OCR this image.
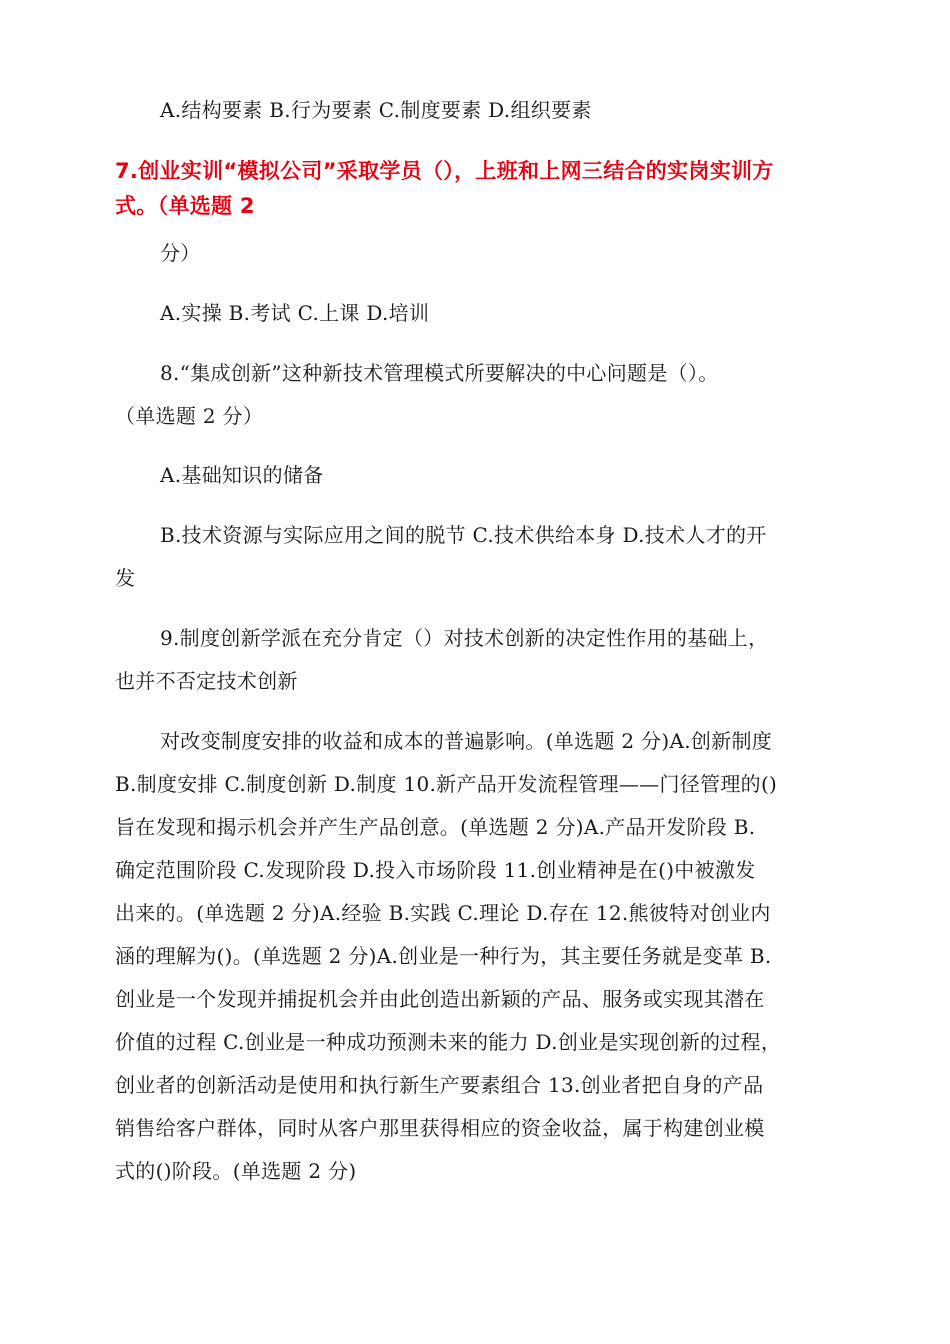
A.结构要素 B.行为要素 C.制度要素 D.组织要素
7.创业实训“模拟公司”采取学员（），上班和上网三结合的实岗实训方
式。（单选题 2
分）
A.实操 B.考试 C.上课 D.培训
8.“集成创新”这种新技术管理模式所要解决的中心问题是（）。
（单选题 2 分）
A.基础知识的储备
B.技术资源与实际应用之间的脱节 C.技术供给本身 D.技术人才的开
发
9.制度创新学派在充分肯定（）对技术创新的决定性作用的基础上，
也并不否定技术创新
对改变制度安排的收益和成本的普遍影响。(单选题 2 分)A.创新制度
B.制度安排 C.制度创新 D.制度 10.新产品开发流程管理——门径管理的()
旨在发现和揭示机会并产生产品创意。(单选题 2 分)A.产品开发阶段 B.
确定范围阶段 C.发现阶段 D.投入市场阶段 11.创业精神是在()中被激发
出来的。(单选题 2 分)A.经验 B.实践 C.理论 D.存在 12.熊彼特对创业内
涵的理解为()。(单选题 2 分)A.创业是一种行为，其主要任务就是变革 B.
创业是一个发现并捕捉机会并由此创造出新颖的产品、服务或实现其潜在
价值的过程 C.创业是一种成功预测未来的能力 D.创业是实现创新的过程，
创业者的创新活动是使用和执行新生产要素组合 13.创业者把自身的产品
销售给客户群体，同时从客户那里获得相应的资金收益，属于构建创业模
式的()阶段。(单选题 2 分)
